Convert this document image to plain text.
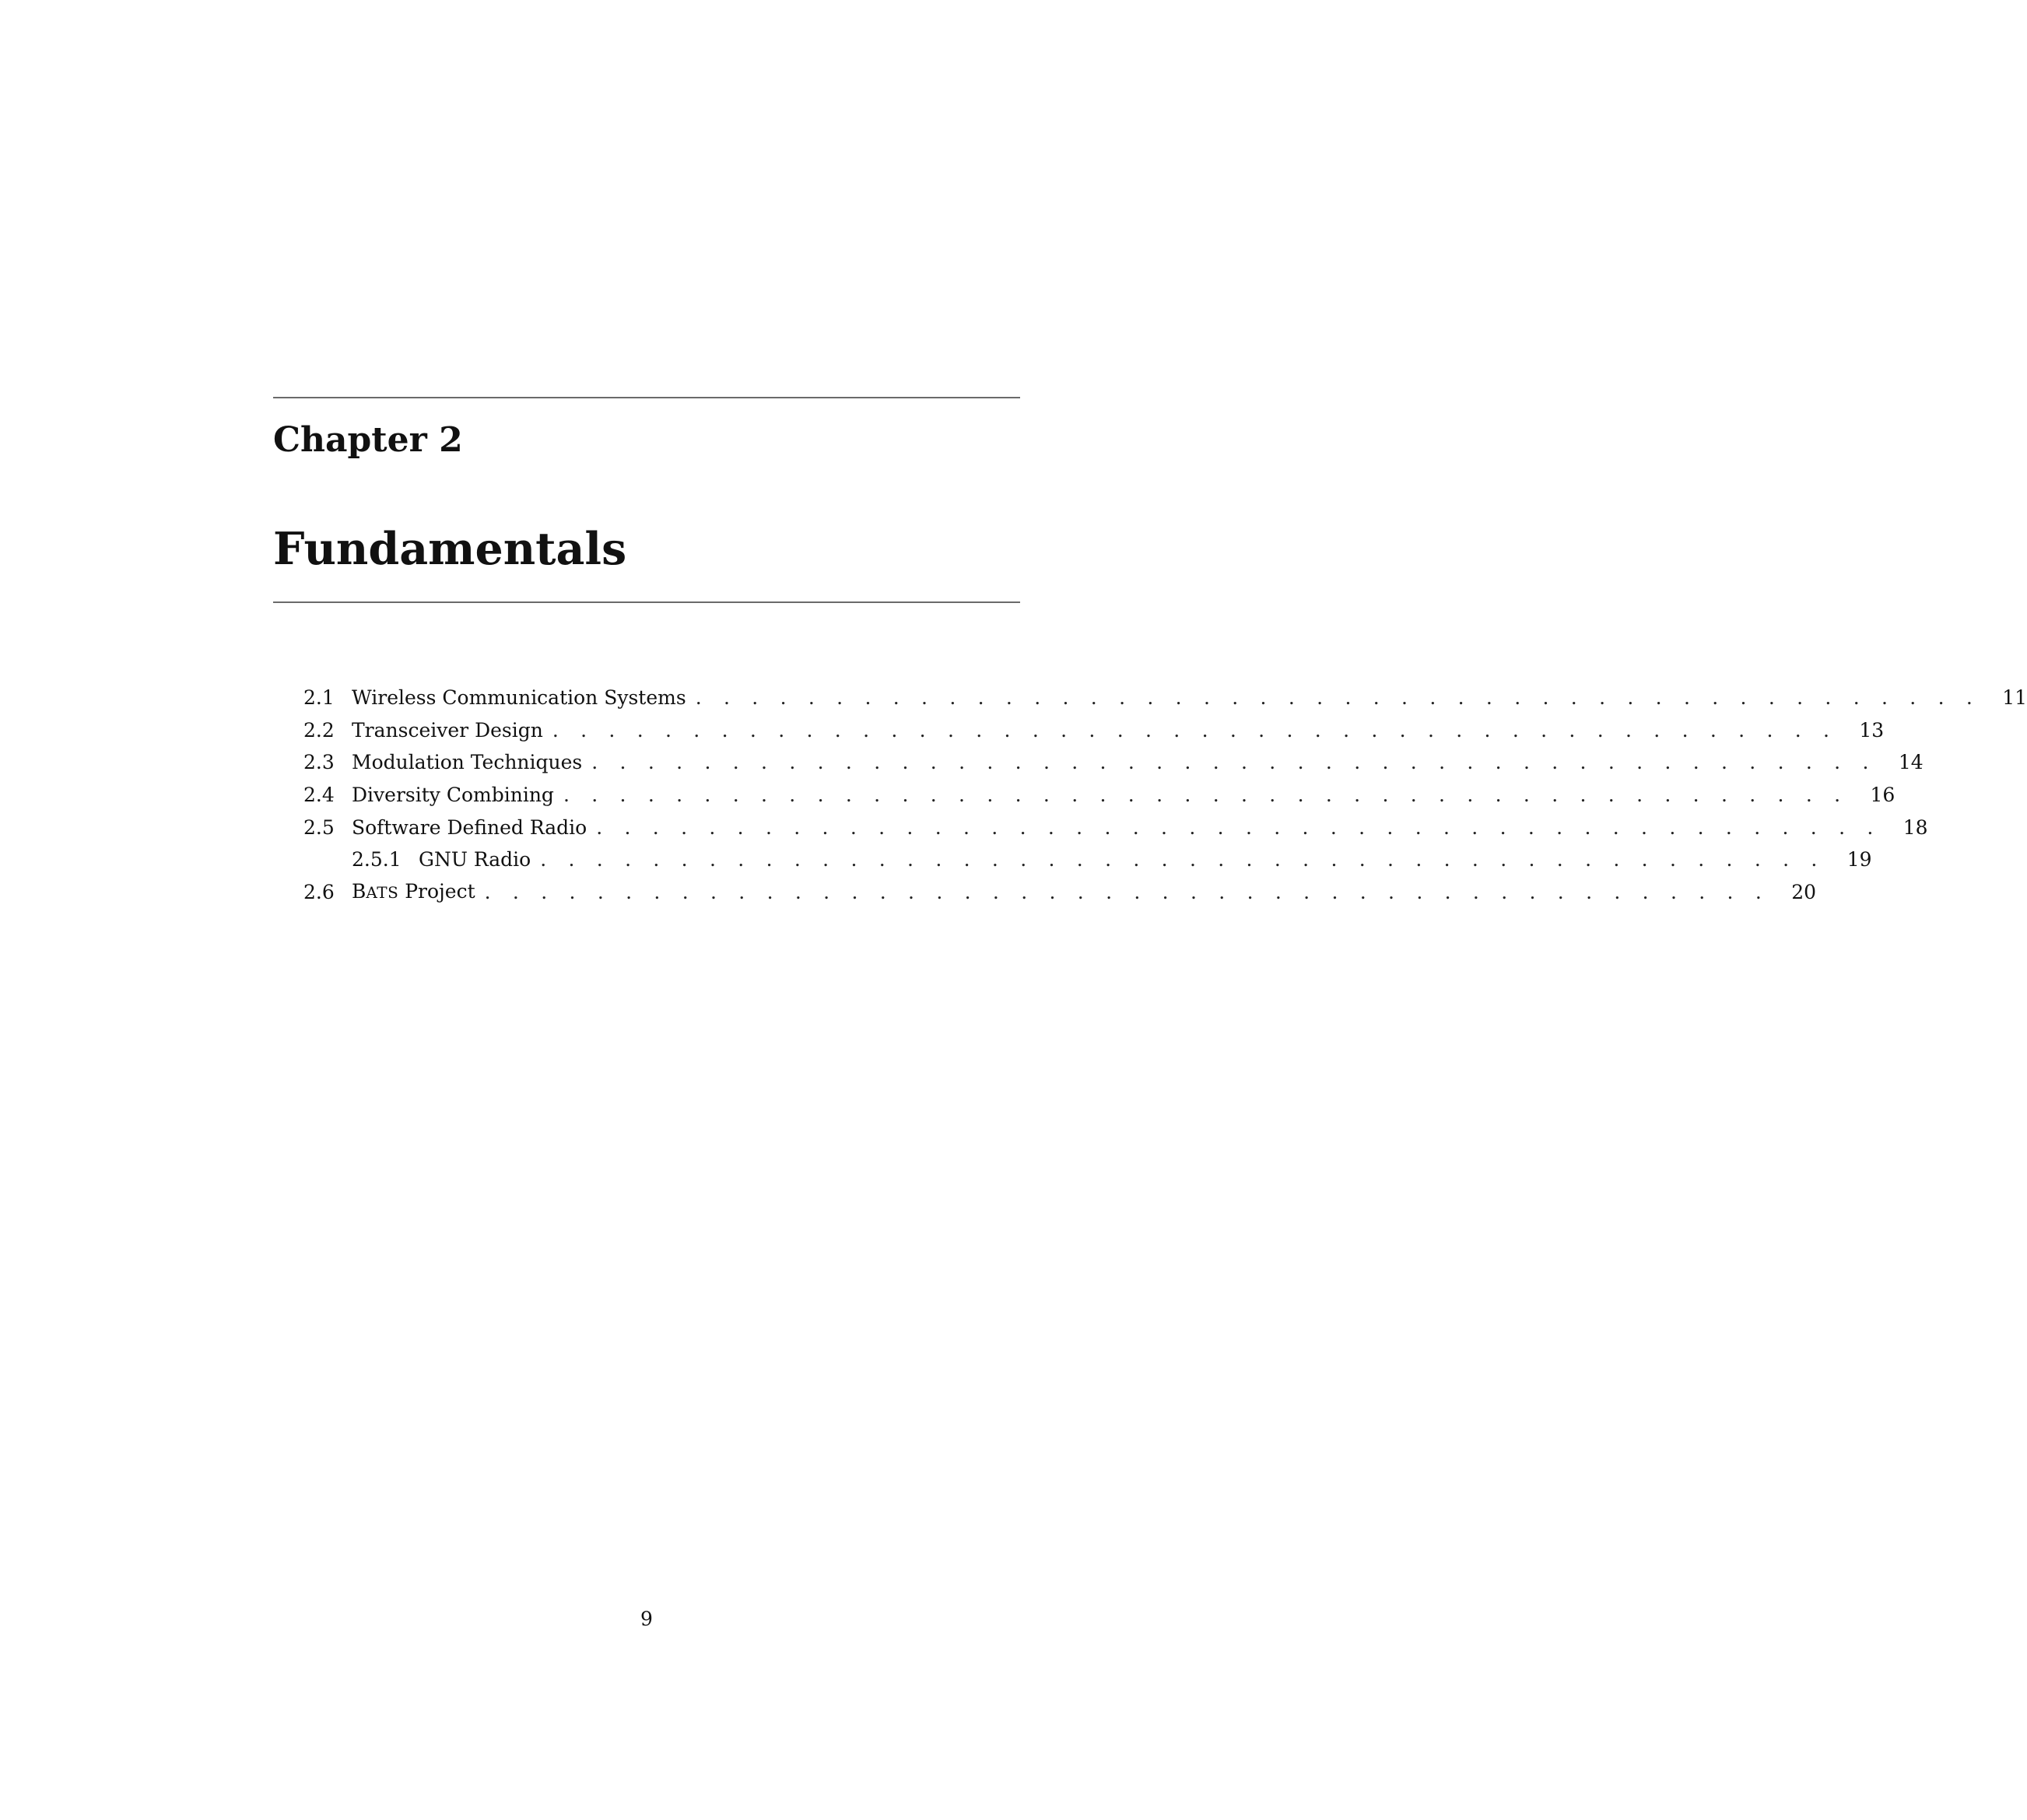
Chapter 2
Fundamentals
2.1 Wireless Communication Systems . . . . . . . . . . . . . . . . . . . . . . . . . . . . . . . . . . . . . . . . . . . . . .	11
2.2 Transceiver Design . . . . . . . . . . . . . . . . . . . . . . . . . . . . . . . . . . . . . . . . . . . . . .	13
2.3 Modulation Techniques . . . . . . . . . . . . . . . . . . . . . . . . . . . . . . . . . . . . . . . . . . . . . .	14
2.4 Diversity Combining . . . . . . . . . . . . . . . . . . . . . . . . . . . . . . . . . . . . . . . . . . . . . .	16
2.5 Software Defined Radio . . . . . . . . . . . . . . . . . . . . . . . . . . . . . . . . . . . . . . . . . . . . . .	18
2.5.1 GNU Radio . . . . . . . . . . . . . . . . . . . . . . . . . . . . . . . . . . . . . . . . . . . . . .	19
2.6 BATS Project . . . . . . . . . . . . . . . . . . . . . . . . . . . . . . . . . . . . . . . . . . . . . .	20
9
